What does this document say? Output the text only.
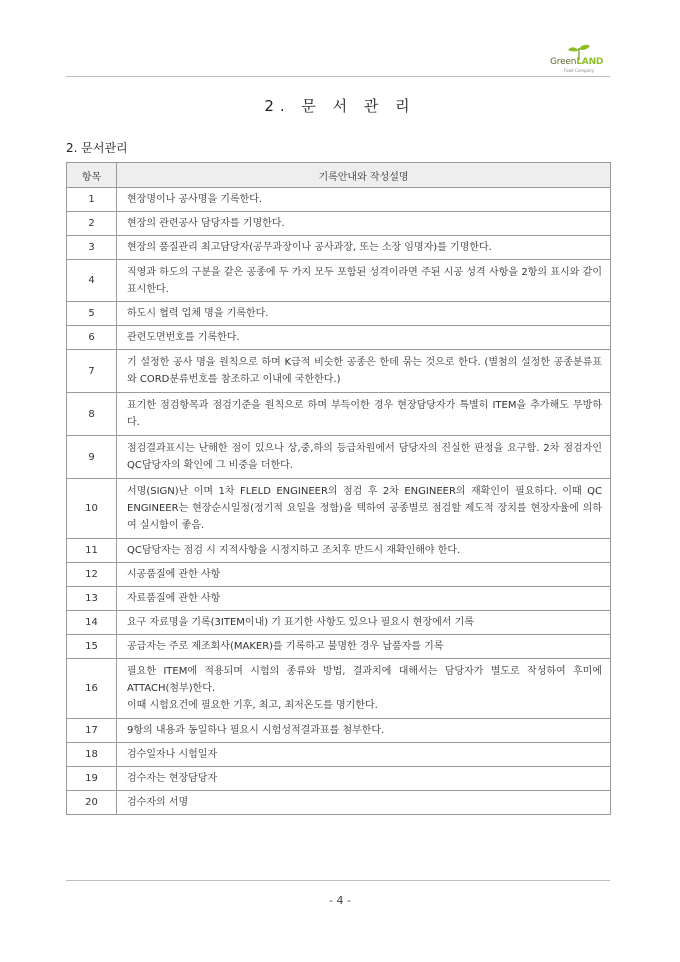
GreenLAND
Food Company
2. 문 서 관 리
2. 문서관리
항목	기록안내와 작성설명
1	현장명이나 공사명을 기록한다.
2	현장의 관련공사 담당자를 기명한다.
3	현장의 품질관리 최고담당자(공무과장이나 공사과장, 또는 소장 임명자)를 기명한다.
4	직영과 하도의 구분을 같은 공종에 두 가지 모두 포함된 성격이라면 주된 시공 성격 사항을 2항의 표시와 같이 표시한다.
5	하도시 협력 업체 명을 기록한다.
6	관련도면번호를 기록한다.
7	기 설정한 공사 명을 원칙으로 하며 K급적 비슷한 공종은 한데 묶는 것으로 한다. (별첨의 설정한 공종분류표와 CORD분류번호를 참조하고 이내에 국한한다.)
8	표기한 점검항목과 점검기준을 원칙으로 하며 부득이한 경우 현장담당자가 특별히 ITEM을 추가해도 무방하다.
9	점검결과표시는 난해한 점이 있으나 상,중,하의 등급차원에서 담당자의 진실한 판정을 요구함. 2차 점검자인 QC담당자의 확인에 그 비중을 더한다.
10	서명(SIGN)난 이며 1차 FLELD ENGINEER의 점검 후 2차 ENGINEER의 재확인이 필요하다. 이때 QC ENGINEER는 현장순시일정(정기적 요일을 정함)을 택하여 공종별로 점검할 제도적 장치를 현장자율에 의하여 실시함이 좋음.
11	QC담당자는 점검 시 지적사항을 시정지하고 조치후 반드시 재확인해야 한다.
12	시공품질에 관한 사항
13	자료품질에 관한 사항
14	요구 자료명을 기록(3ITEM이내) 기 표기한 사항도 있으나 필요시 현장에서 기록
15	공급자는 주로 제조회사(MAKER)를 기록하고 불명한 경우 납품자를 기록
16	필요한 ITEM에 적용되며 시험의 종류와 방법, 결과치에 대해서는 담당자가 별도로 작성하여 후미에 ATTACH(첨부)한다.
이때 시험요건에 필요한 기후, 최고, 최저온도를 명기한다.

17	9항의 내용과 동일하나 필요시 시험성적결과표를 첨부한다.
18	검수일자나 시험일자
19	검수자는 현장담당자
20	검수자의 서명
- 4 -
